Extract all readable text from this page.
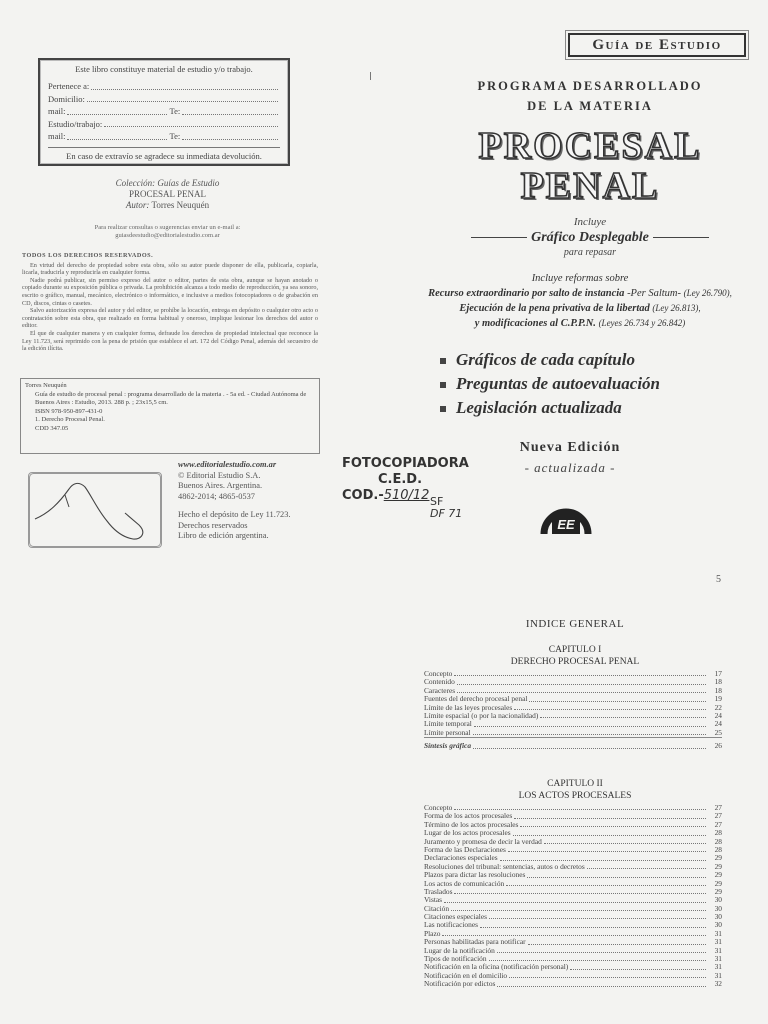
Este libro constituye material de estudio y/o trabajo.
Pertenece a:
Domicilio:
mail:	Te:
Estudio/trabajo:
mail:	Te:
En caso de extravío se agradece su inmediata devolución.
Colección: Guías de Estudio
PROCESAL PENAL
Autor: Torres Neuquén
Para realizar consultas o sugerencias enviar un e-mail a:
guiasdeestudio@editorialestudio.com.ar
TODOS LOS DERECHOS RESERVADOS.

En virtud del derecho de propiedad sobre esta obra, sólo su autor puede disponer de ella, publicarla, copiarla, licarla, traducirla y reproducirla en cualquier forma.

Nadie podrá publicar, sin permiso expreso del autor o editor, partes de esta obra, aunque se hayan anotado o copiado durante su exposición pública o privada. La prohibición alcanza a todo medio de reproducción, ya sea sonoro, escrito o gráfico, manual, mecánico, electrónico o informático, e inclusive a medios fotocopiadores o de grabación en CD, discos, cintas o casetes.

Salvo autorización expresa del autor y del editor, se prohíbe la locación, entrega en depósito o cualquier otro acto o contratación sobre esta obra, que realizado en forma habitual y oneroso, implique lesionar los derechos del autor o editor.

El que de cualquier manera y en cualquier forma, defraude los derechos de propiedad intelectual que reconoce la Ley 11.723, será reprimido con la pena de prisión que establece el art. 172 del Código Penal, además del secuestro de la edición ilícita.

Torres Neuquén
Guía de estudio de procesal penal : programa desarrollado de la materia . - 5a ed. - Ciudad Autónoma de Buenos Aires : Estudio, 2013. 288 p. ; 23x15,5 cm.
ISBN 978-950-897-431-0
1. Derecho Procesal Penal.
CDD 347.05
www.editorialestudio.com.ar
© Editorial Estudio S.A.
Buenos Aires. Argentina.
4862-2014; 4865-0537
Hecho el depósito de Ley 11.723.
Derechos reservados
Libro de edición argentina.
FOTOCOPIADORA
C.E.D.
COD.-510/12 SF
DF 71
Guía de Estudio
PROGRAMA DESARROLLADO
DE LA MATERIA
PROCESAL
PENAL
Incluye
Gráfico Desplegable
para repasar
Incluye reformas sobre
Recurso extraordinario por salto de instancia -Per Saltum- (Ley 26.790),
Ejecución de la pena privativa de la libertad (Ley 26.813),
y modificaciones al C.P.P.N. (Leyes 26.734 y 26.842)
Gráficos de cada capítulo
Preguntas de autoevaluación
Legislación actualizada
Nueva Edición
- actualizada -
EE
5
INDICE GENERAL
CAPITULO I
DERECHO PROCESAL PENAL
Concepto	17
Contenido	18
Caracteres	18
Fuentes del derecho procesal penal	19
Límite de las leyes procesales	22
Límite espacial (o por la nacionalidad)	24
Límite temporal	24
Límite personal	25
Síntesis gráfica	26
CAPITULO II
LOS ACTOS PROCESALES
Concepto	27
Forma de los actos procesales	27
Término de los actos procesales	27
Lugar de los actos procesales	28
Juramento y promesa de decir la verdad	28
Forma de las Declaraciones	28
Declaraciones especiales	29
Resoluciones del tribunal: sentencias, autos o decretos	29
Plazos para dictar las resoluciones	29
Los actos de comunicación	29
Traslados	29
Vistas	30
Citación	30
Citaciones especiales	30
Las notificaciones	30
Plazo	31
Personas habilitadas para notificar	31
Lugar de la notificación	31
Tipos de notificación	31
Notificación en la oficina (notificación personal)	31
Notificación en el domicilio	31
Notificación por edictos	32
